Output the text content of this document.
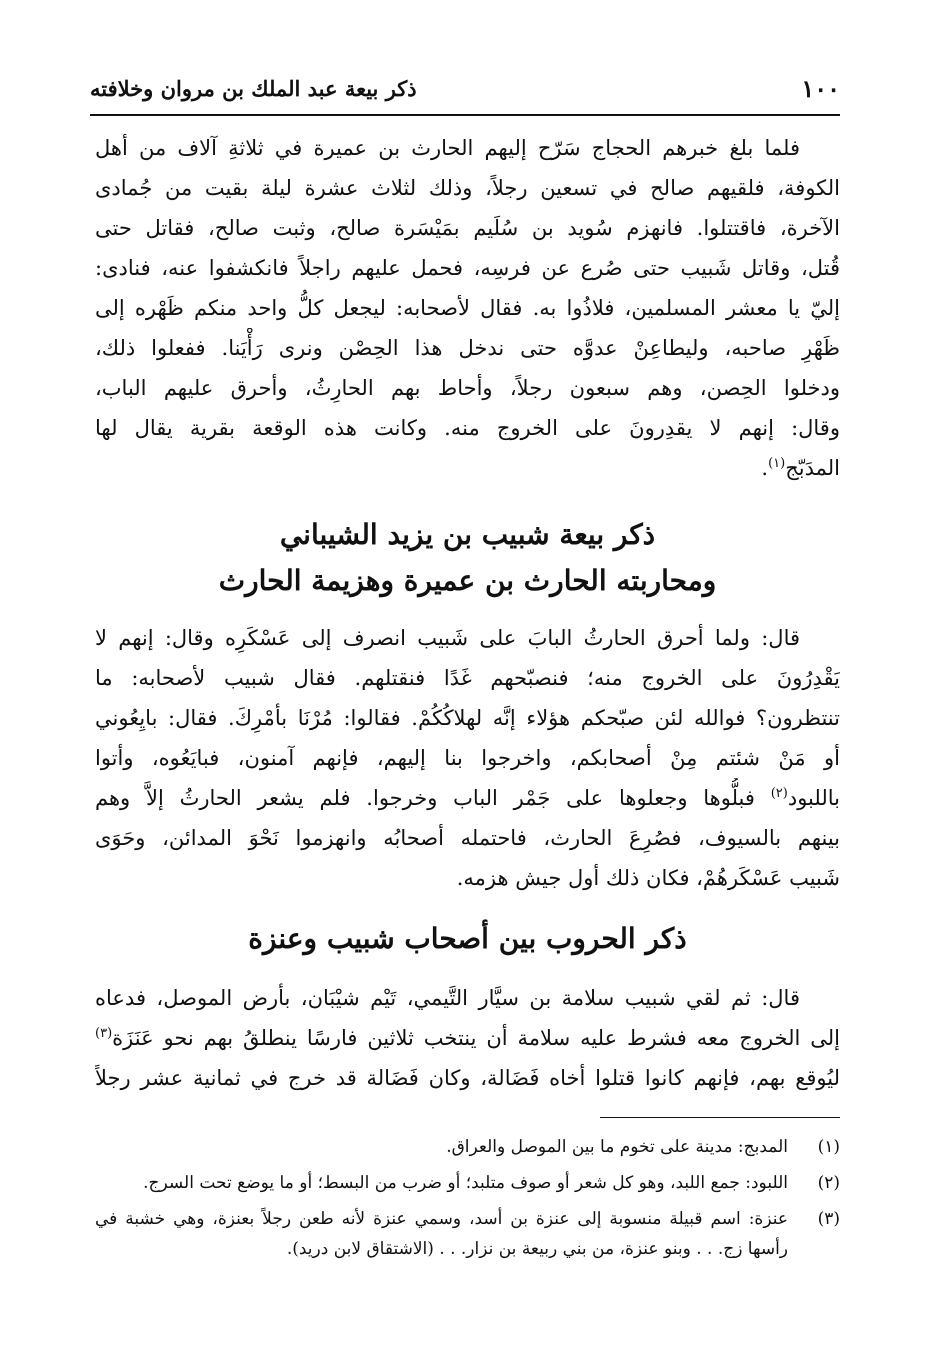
١٠٠
ذكر بيعة عبد الملك بن مروان وخلافته
فلما بلغ خبرهم الحجاج سَرّح إليهم الحارث بن عميرة في ثلاثةِ آلاف من أهل
الكوفة، فلقيهم صالح في تسعين رجلاً، وذلك لثلاث عشرة ليلة بقيت من جُمادى
الآخرة، فاقتتلوا. فانهزم سُويد بن سُلَيم بمَيْسَرة صالح، وثبت صالح، فقاتل حتى
قُتل، وقاتل شَبيب حتى صُرع عن فرسِه، فحمل عليهم راجلاً فانكشفوا عنه، فنادى:
إليّ يا معشر المسلمين، فلاذُوا به. فقال لأصحابه: ليجعل كلُّ واحد منكم ظَهْره إلى
ظَهْرِ صاحبه، وليطاعِنْ عدوَّه حتى ندخل هذا الحِصْن ونرى رَأْيَنا. ففعلوا ذلك،
ودخلوا الحِصن، وهم سبعون رجلاً، وأحاط بهم الحارِثُ، وأحرق عليهم الباب،
وقال: إنهم لا يقدِرونَ على الخروج منه. وكانت هذه الوقعة بقرية يقال لها
المدَبّج$^{(١)}$.
ذكر بيعة شبيب بن يزيد الشيباني
ومحاربته الحارث بن عميرة وهزيمة الحارث
قال: ولما أحرق الحارثُ البابَ على شَبيب انصرف إلى عَسْكَرِه وقال: إنهم لا
يَقْدِرُونَ على الخروج منه؛ فنصبّحهم غَدًا فنقتلهم. فقال شبيب لأصحابه: ما
تنتظرون؟ فوالله لئن صبّحكم هؤلاء إنَّه لهلاكُكُمْ. فقالوا: مُرْنَا بأمْرِكَ. فقال: بايِعُوني
أو مَنْ شئتم مِنْ أصحابكم، واخرجوا بنا إليهم، فإنهم آمنون، فبايَعُوه، وأتوا
باللبود$^{(٢)}$ فبلُّوها وجعلوها على جَمْر الباب وخرجوا. فلم يشعر الحارثُ إلاَّ وهم
بينهم بالسيوف، فصُرِعَ الحارث، فاحتمله أصحابُه وانهزموا نَحْوَ المدائن، وحَوَى
شَبيب عَسْكَرهُمْ، فكان ذلك أول جيش هزمه.
ذكر الحروب بين أصحاب شبيب وعنزة
قال: ثم لقي شبيب سلامة بن سيَّار التَّيمي، تَيْم شيْبَان، بأرض الموصل، فدعاه
إلى الخروج معه فشرط عليه سلامة أن ينتخب ثلاثين فارسًا ينطلقُ بهم نحو عَنَزَة$^{(٣)}$
ليُوقع بهم، فإنهم كانوا قتلوا أخاه فَضَالة، وكان فَضَالة قد خرج في ثمانية عشر رجلاً
(١)
المدبج: مدينة على تخوم ما بين الموصل والعراق.
(٢)
اللبود: جمع اللبد، وهو كل شعر أو صوف متلبد؛ أو ضرب من البسط؛ أو ما يوضع تحت السرج.
(٣)
عنزة: اسم قبيلة منسوبة إلى عنزة بن أسد، وسمي عنزة لأنه طعن رجلاً بعنزة، وهي خشبة في رأسها زج. . . وبنو عنزة، من بني ربيعة بن نزار. . . (الاشتقاق لابن دريد).
